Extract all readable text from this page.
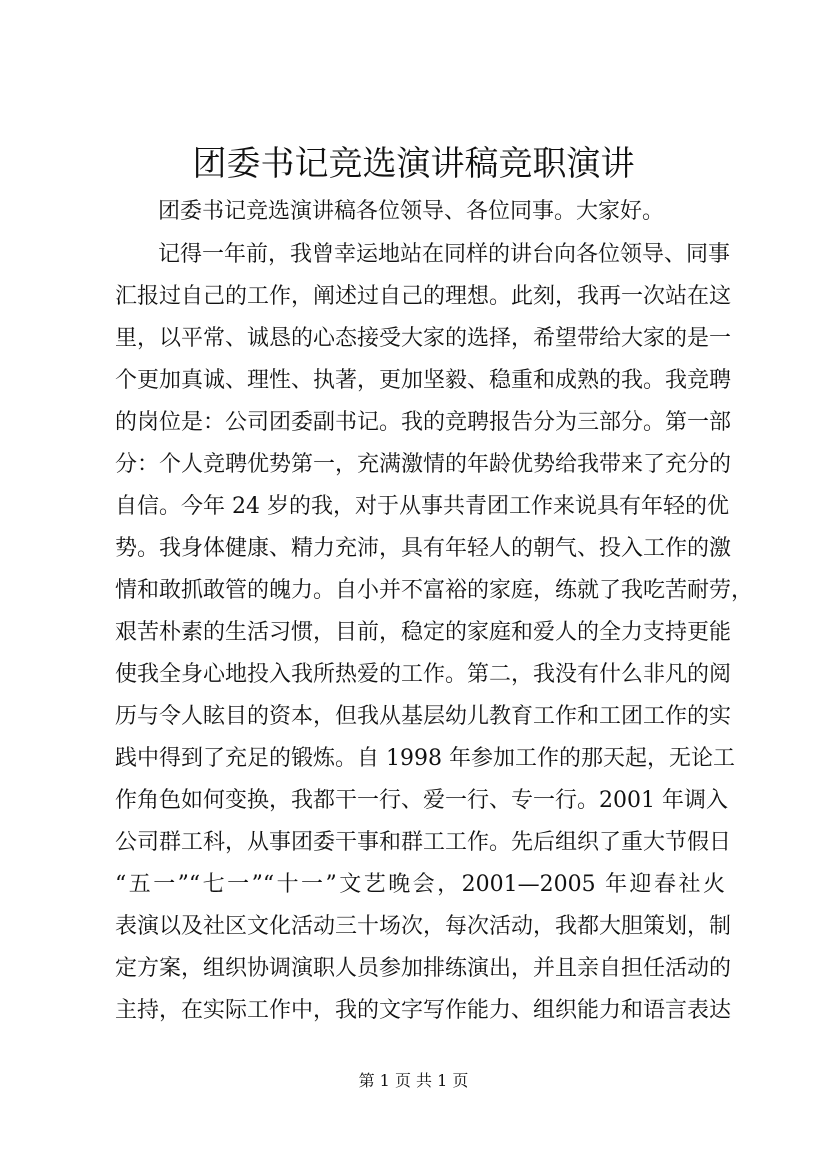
团委书记竞选演讲稿竞职演讲
团委书记竞选演讲稿各位领导、各位同事。大家好。
记得一年前，我曾幸运地站在同样的讲台向各位领导、同事
汇报过自己的工作，阐述过自己的理想。此刻，我再一次站在这
里，以平常、诚恳的心态接受大家的选择，希望带给大家的是一
个更加真诚、理性、执著，更加坚毅、稳重和成熟的我。我竞聘
的岗位是：公司团委副书记。我的竞聘报告分为三部分。第一部
分：个人竞聘优势第一，充满激情的年龄优势给我带来了充分的
自信。今年 24 岁的我，对于从事共青团工作来说具有年轻的优
势。我身体健康、精力充沛，具有年轻人的朝气、投入工作的激
情和敢抓敢管的魄力。自小并不富裕的家庭，练就了我吃苦耐劳，
艰苦朴素的生活习惯，目前，稳定的家庭和爱人的全力支持更能
使我全身心地投入我所热爱的工作。第二，我没有什么非凡的阅
历与令人眩目的资本，但我从基层幼儿教育工作和工团工作的实
践中得到了充足的锻炼。自 1998 年参加工作的那天起，无论工
作角色如何变换，我都干一行、爱一行、专一行。2001 年调入
公司群工科，从事团委干事和群工工作。先后组织了重大节假日
“五一”“七一”“十一”文艺晚会，2001—2005 年迎春社火
表演以及社区文化活动三十场次，每次活动，我都大胆策划，制
定方案，组织协调演职人员参加排练演出，并且亲自担任活动的
主持，在实际工作中，我的文字写作能力、组织能力和语言表达
第 1 页 共 1 页
